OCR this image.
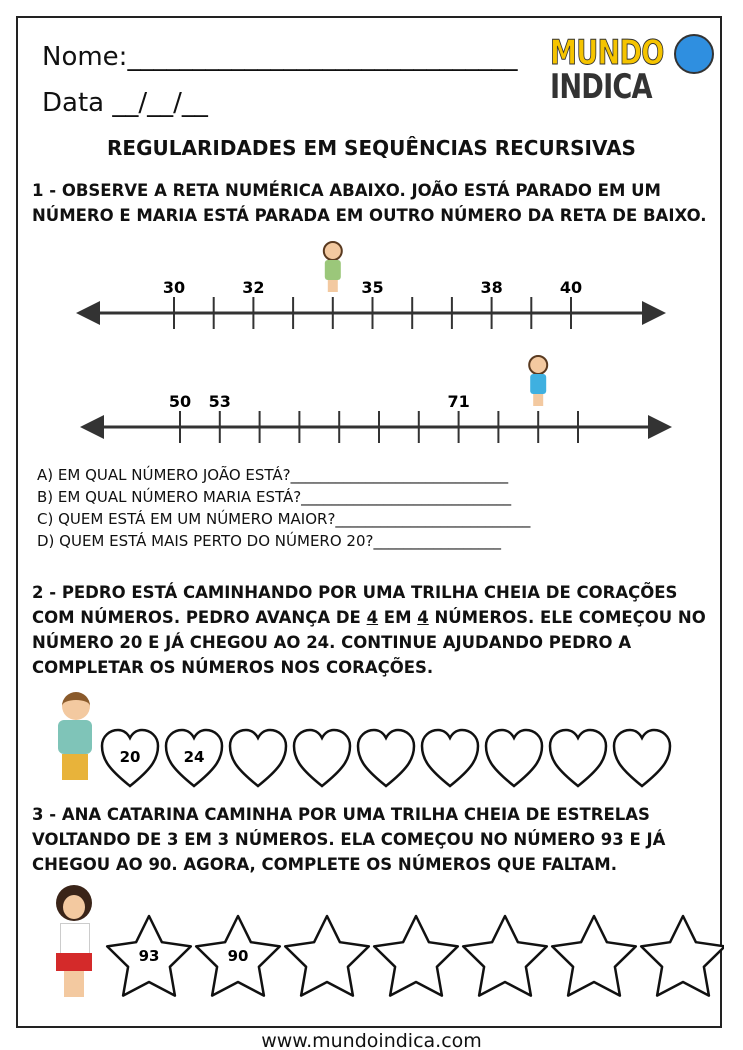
Nome:______________________________
Data __/__/__
MUNDO
INDICA
REGULARIDADES EM SEQUÊNCIAS RECURSIVAS
1 - OBSERVE A RETA NUMÉRICA ABAIXO. JOÃO ESTÁ PARADO EM UM NÚMERO E MARIA ESTÁ PARADA EM OUTRO NÚMERO DA RETA DE BAIXO.
30	32	35	38	40
50 53	71
A) EM QUAL NÚMERO JOÃO ESTÁ?_____________________________
B) EM QUAL NÚMERO MARIA ESTÁ?____________________________
C) QUEM ESTÁ EM UM NÚMERO MAIOR?__________________________
D) QUEM ESTÁ MAIS PERTO DO NÚMERO 20?_________________
2 - PEDRO ESTÁ CAMINHANDO POR UMA TRILHA CHEIA DE CORAÇÕES COM NÚMEROS. PEDRO AVANÇA DE 4 EM 4 NÚMEROS. ELE COMEÇOU NO NÚMERO 20 E JÁ CHEGOU AO 24. CONTINUE AJUDANDO PEDRO A COMPLETAR OS NÚMEROS NOS CORAÇÕES.
20	24
3 - ANA CATARINA CAMINHA POR UMA TRILHA CHEIA DE ESTRELAS VOLTANDO DE 3 EM 3 NÚMEROS. ELA COMEÇOU NO NÚMERO 93 E JÁ CHEGOU AO 90. AGORA, COMPLETE OS NÚMEROS QUE FALTAM.
93	90
www.mundoindica.com
